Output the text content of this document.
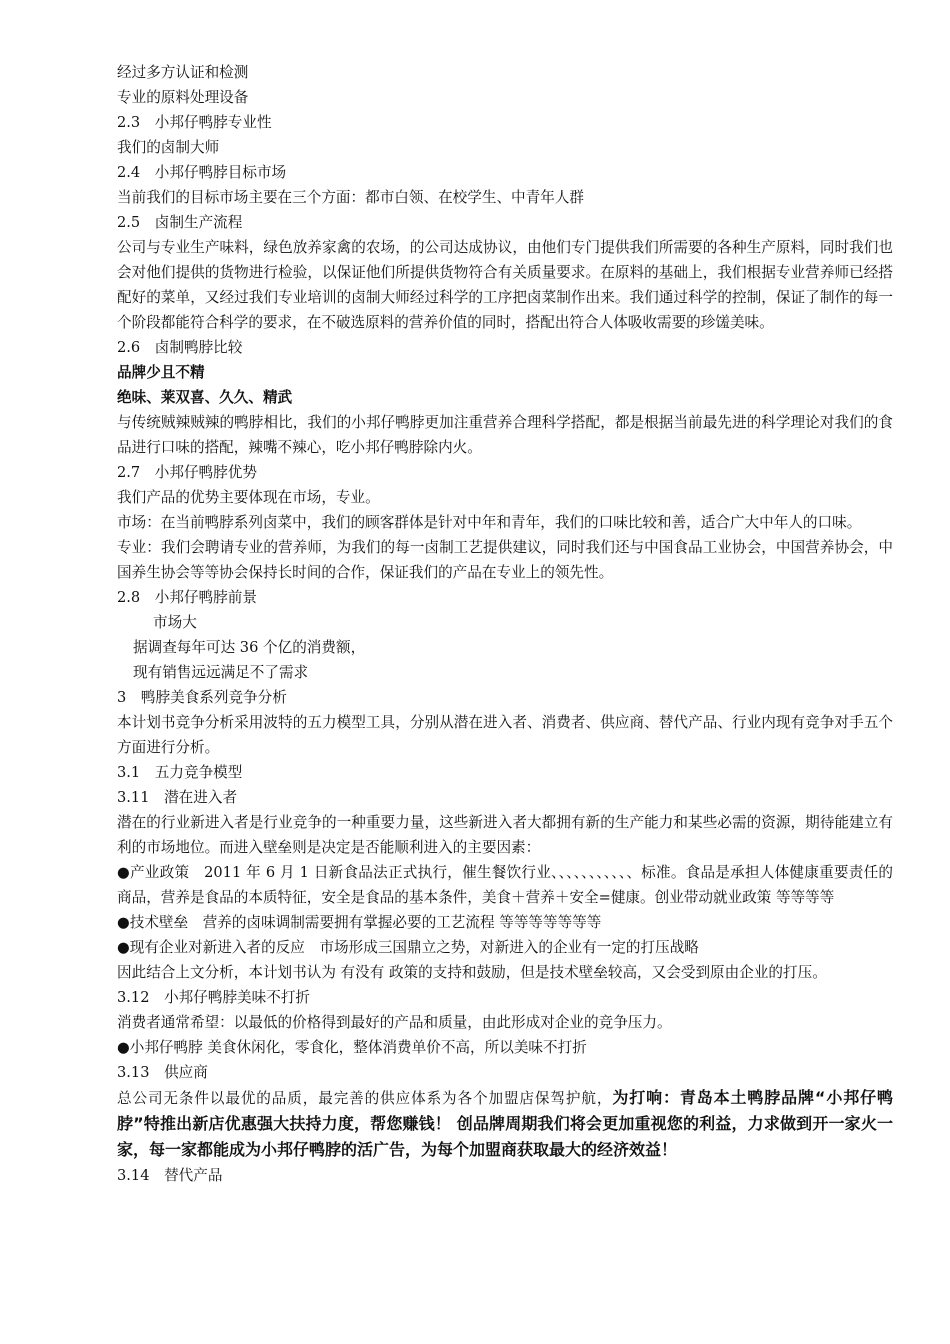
经过多方认证和检测
专业的原料处理设备
2.3　小邦仔鸭脖专业性
我们的卤制大师
2.4　小邦仔鸭脖目标市场
当前我们的目标市场主要在三个方面：都市白领、在校学生、中青年人群
2.5　卤制生产流程
公司与专业生产味料，绿色放养家禽的农场，的公司达成协议，由他们专门提供我们所需要的各种生产原料，同时我们也会对他们提供的货物进行检验，以保证他们所提供货物符合有关质量要求。在原料的基础上，我们根据专业营养师已经搭配好的菜单，又经过我们专业培训的卤制大师经过科学的工序把卤菜制作出来。我们通过科学的控制，保证了制作的每一个阶段都能符合科学的要求，在不破选原料的营养价值的同时，搭配出符合人体吸收需要的珍馐美味。
2.6　卤制鸭脖比较
品牌少且不精
绝味、莱双喜、久久、精武
与传统贼辣贼辣的鸭脖相比，我们的小邦仔鸭脖更加注重营养合理科学搭配，都是根据当前最先进的科学理论对我们的食品进行口味的搭配，辣嘴不辣心，吃小邦仔鸭脖除内火。
2.7　小邦仔鸭脖优势
我们产品的优势主要体现在市场，专业。
市场：在当前鸭脖系列卤菜中，我们的顾客群体是针对中年和青年，我们的口味比较和善，适合广大中年人的口味。
专业：我们会聘请专业的营养师，为我们的每一卤制工艺提供建议，同时我们还与中国食品工业协会，中国营养协会，中国养生协会等等协会保持长时间的合作，保证我们的产品在专业上的领先性。
2.8　小邦仔鸭脖前景
市场大
据调查每年可达 36 个亿的消费额，
现有销售远远满足不了需求
3　鸭脖美食系列竞争分析
本计划书竞争分析采用波特的五力模型工具，分别从潜在进入者、消费者、供应商、替代产品、行业内现有竞争对手五个方面进行分析。
3.1　五力竞争模型
3.11　潜在进入者
潜在的行业新进入者是行业竞争的一种重要力量，这些新进入者大都拥有新的生产能力和某些必需的资源，期待能建立有利的市场地位。而进入壁垒则是决定是否能顺利进入的主要因素：
●产业政策　2011 年 6 月 1 日新食品法正式执行，催生餐饮行业、、、、、、、、、、、标准。食品是承担人体健康重要责任的商品，营养是食品的本质特征，安全是食品的基本条件，美食＋营养＋安全=健康。创业带动就业政策 等等等等
●技术壁垒　营养的卤味调制需要拥有掌握必要的工艺流程 等等等等等等等
●现有企业对新进入者的反应　市场形成三国鼎立之势，对新进入的企业有一定的打压战略
因此结合上文分析，本计划书认为 有没有 政策的支持和鼓励，但是技术壁垒较高，又会受到原由企业的打压。
3.12　小邦仔鸭脖美味不打折
消费者通常希望：以最低的价格得到最好的产品和质量，由此形成对企业的竞争压力。
●小邦仔鸭脖 美食休闲化，零食化，整体消费单价不高，所以美味不打折
3.13　供应商
总公司无条件以最优的品质，最完善的供应体系为各个加盟店保驾护航，为打响：青岛本土鸭脖品牌“小邦仔鸭脖”特推出新店优惠强大扶持力度，帮您赚钱！ 创品牌周期我们将会更加重视您的利益，力求做到开一家火一家，每一家都能成为小邦仔鸭脖的活广告，为每个加盟商获取最大的经济效益！
3.14　替代产品
